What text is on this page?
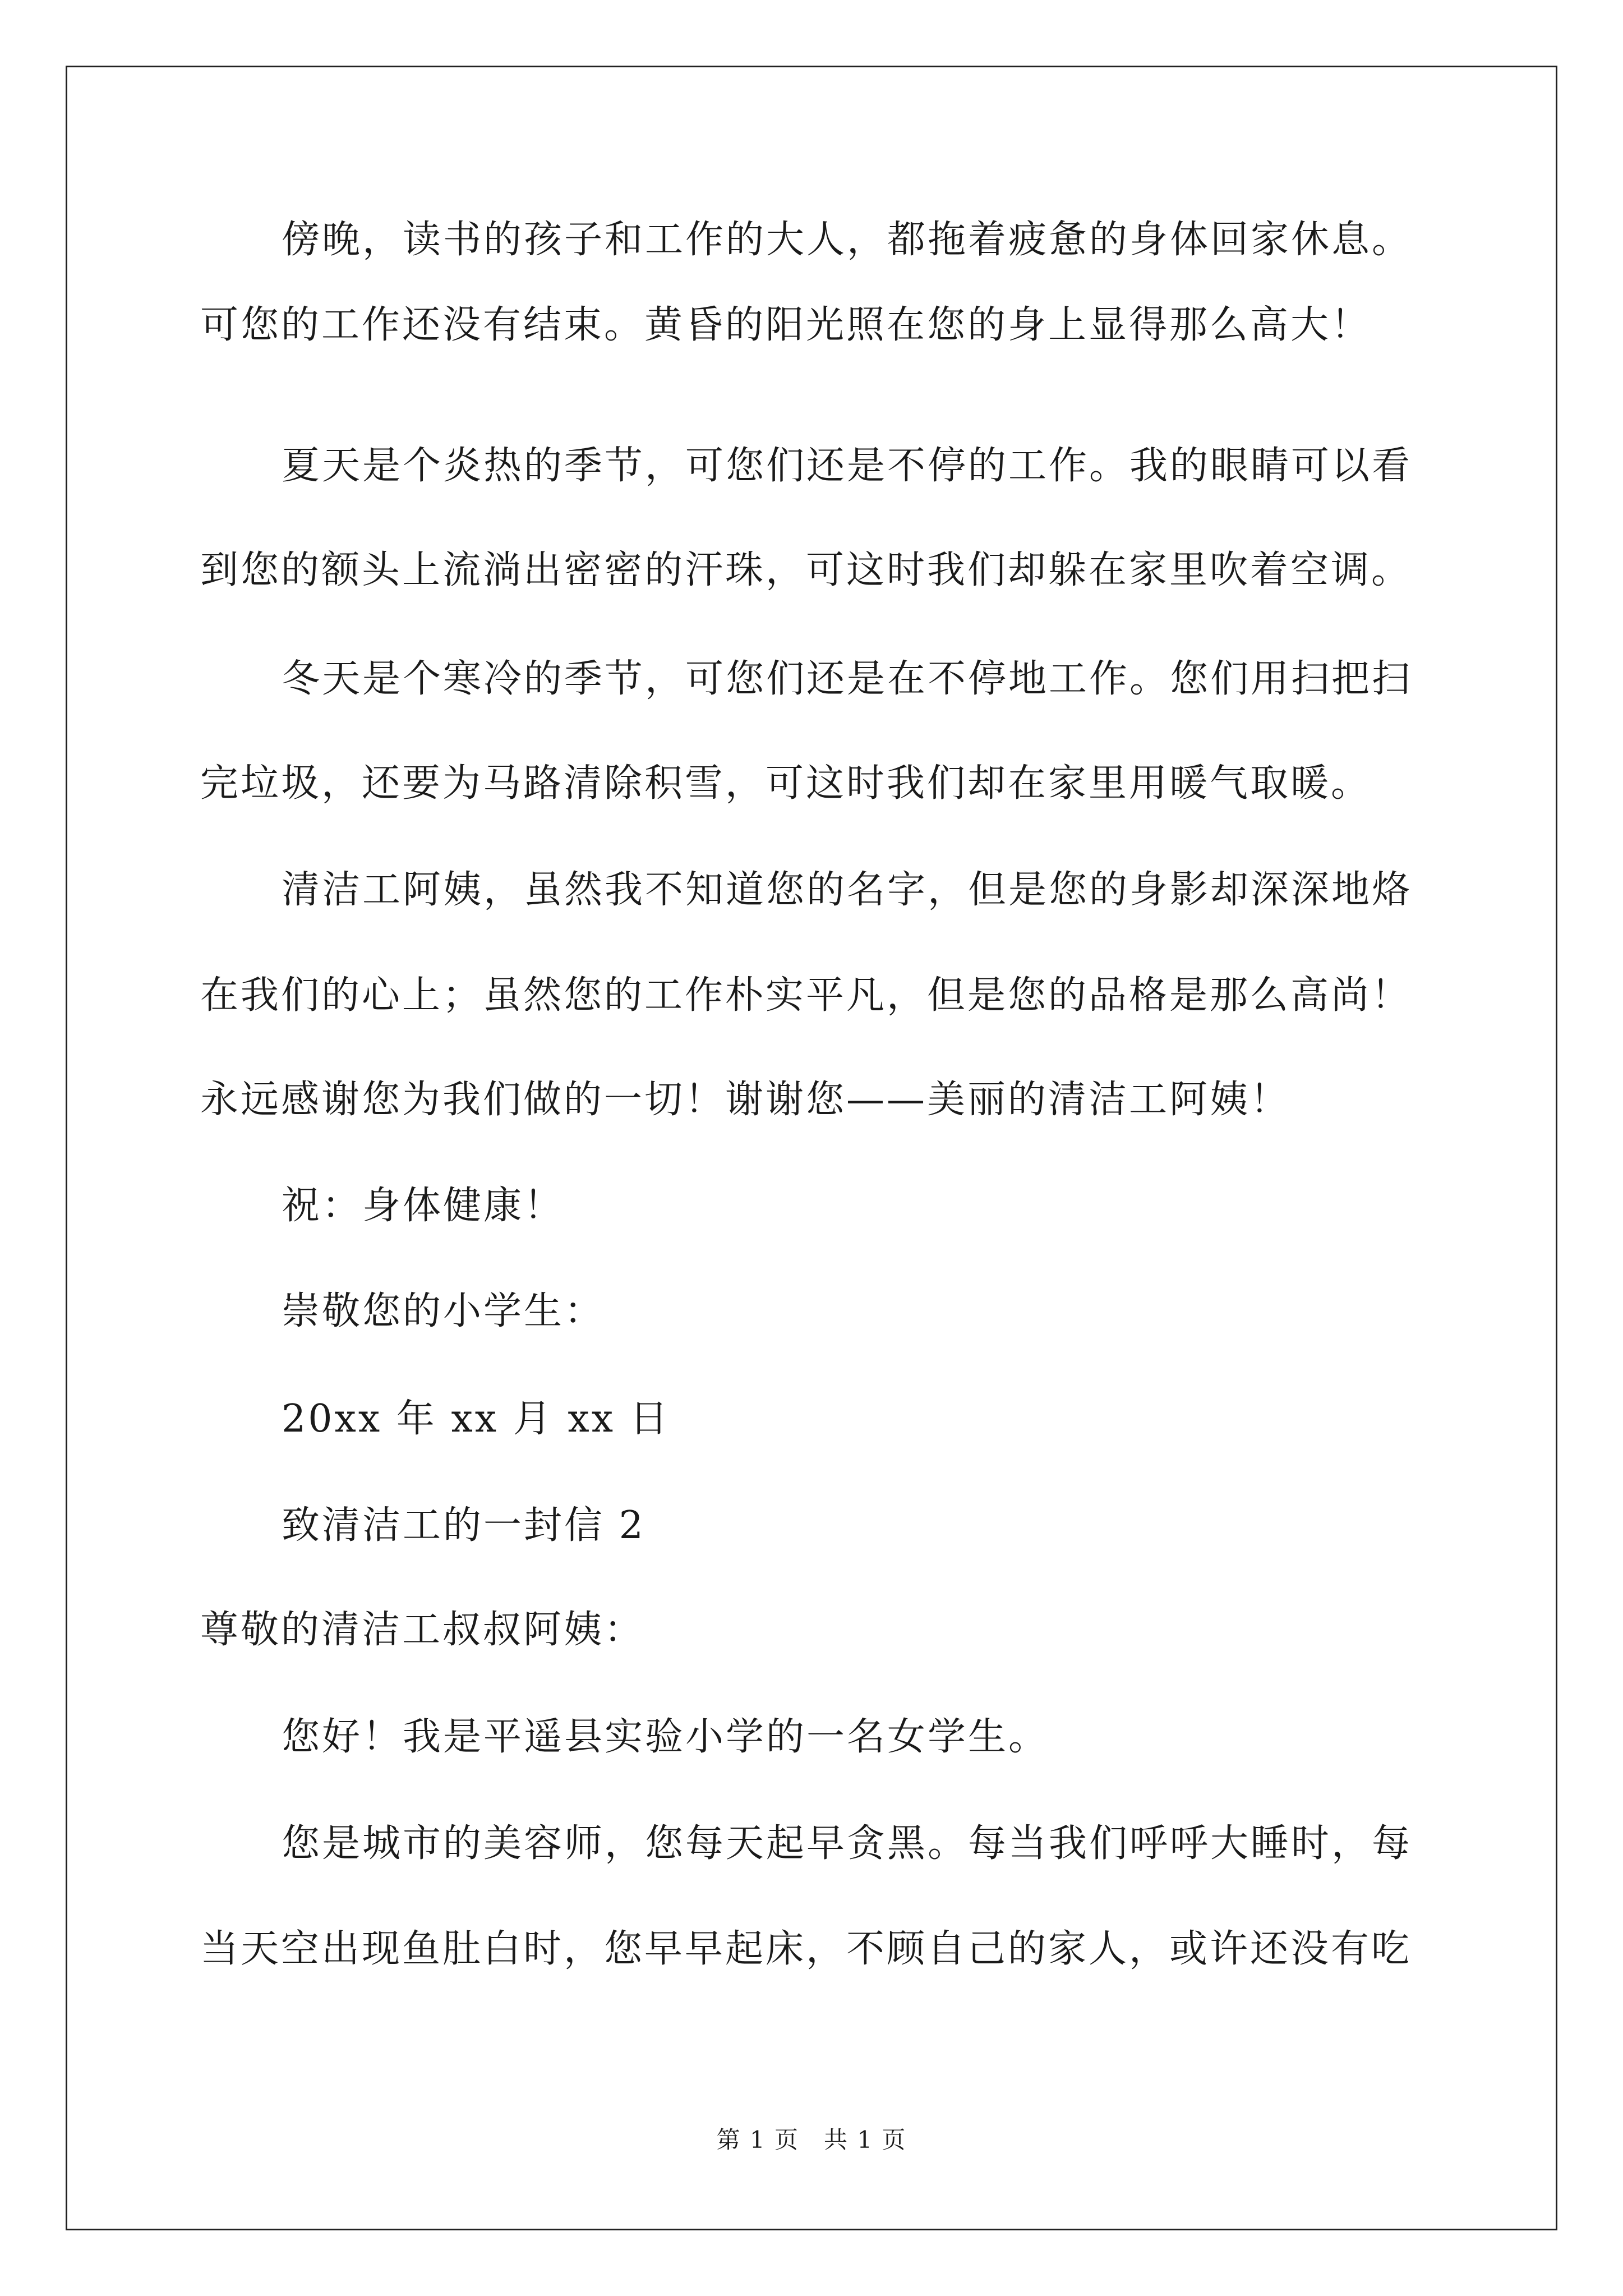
傍晚，读书的孩子和工作的大人，都拖着疲惫的身体回家休息。
可您的工作还没有结束。黄昏的阳光照在您的身上显得那么高大！
夏天是个炎热的季节，可您们还是不停的工作。我的眼睛可以看
到您的额头上流淌出密密的汗珠，可这时我们却躲在家里吹着空调。
冬天是个寒冷的季节，可您们还是在不停地工作。您们用扫把扫
完垃圾，还要为马路清除积雪，可这时我们却在家里用暖气取暖。
清洁工阿姨，虽然我不知道您的名字，但是您的身影却深深地烙
在我们的心上；虽然您的工作朴实平凡，但是您的品格是那么高尚！
永远感谢您为我们做的一切！谢谢您——美丽的清洁工阿姨！
祝：身体健康！
崇敬您的小学生：
20xx 年 xx 月 xx 日
致清洁工的一封信 2
尊敬的清洁工叔叔阿姨：
您好！我是平遥县实验小学的一名女学生。
您是城市的美容师，您每天起早贪黑。每当我们呼呼大睡时，每
当天空出现鱼肚白时，您早早起床，不顾自己的家人，或许还没有吃
第 1 页　共 1 页
